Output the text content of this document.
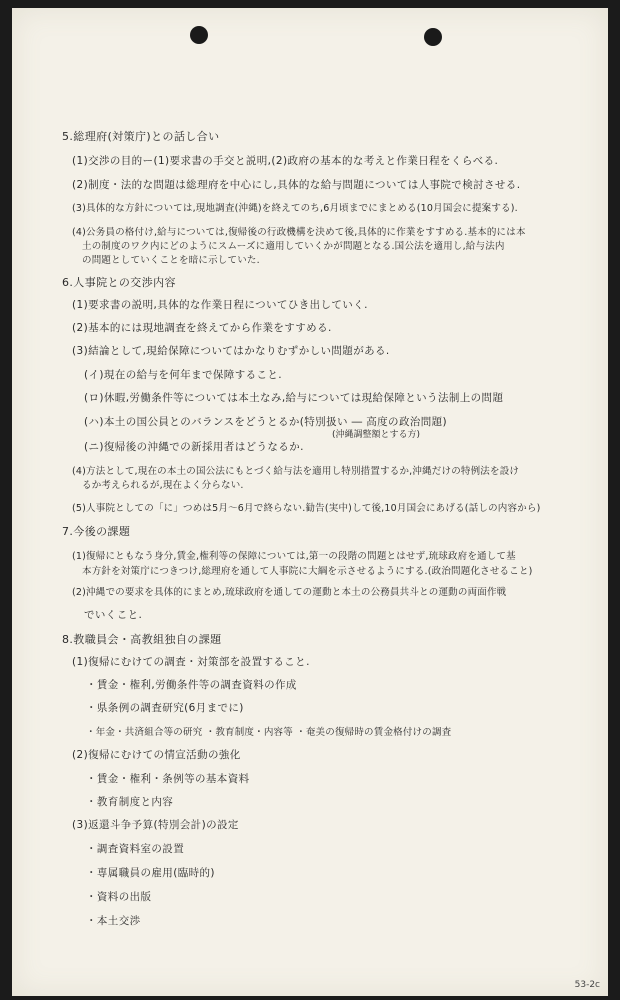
5.総理府(対策庁)との話し合い
(1)交渉の目的ー(1)要求書の手交と説明,(2)政府の基本的な考えと作業日程をくらべる.
(2)制度・法的な問題は総理府を中心にし,具体的な給与問題については人事院で検討させる.
(3)具体的な方針については,現地調査(沖縄)を終えてのち,6月頃までにまとめる(10月国会に提案する).
(4)公务員の格付け,給与については,復帰後の行政機構を決めて後,具体的に作業をすすめる.基本的には本
土の制度のワク内にどのようにスムーズに適用していくかが問題となる.国公法を適用し,給与法内
の問題としていくことを暗に示していた.
6.人事院との交渉内容
(1)要求書の説明,具体的な作業日程についてひき出していく.
(2)基本的には現地調査を終えてから作業をすすめる.
(3)結論として,現給保障についてはかなりむずかしい問題がある.
(イ)現在の給与を何年まで保障すること.
(ロ)休暇,労働条件等については本土なみ,給与については現給保障という法制上の問題
(ハ)本土の国公員とのバランスをどうとるか(特別扱い ― 高度の政治問題)
(沖縄調整額とする方)
(ニ)復帰後の沖縄での新採用者はどうなるか.
(4)方法として,現在の本土の国公法にもとづく給与法を適用し特別措置するか,沖縄だけの特例法を設け
るか考えられるが,現在よく分らない.
(5)人事院としての「に」つめは5月〜6月で終らない.勧告(実中)して後,10月国会にあげる(話しの内容から)
7.今後の課題
(1)復帰にともなう身分,賃金,権利等の保障については,第一の段階の問題とはせず,琉球政府を通して基
本方針を対策庁につきつけ,総理府を通して人事院に大綱を示させるようにする.(政治問題化させること)
(2)沖縄での要求を具体的にまとめ,琉球政府を通しての運動と本土の公務員共斗との運動の両面作戦
でいくこと.
8.教職員会・高教組独自の課題
(1)復帰にむけての調査・対策部を設置すること.
・賃金・権利,労働条件等の調査資料の作成
・県条例の調査研究(6月までに)
・年金・共済組合等の研究 ・教育制度・内容等 ・奄美の復帰時の賃金格付けの調査
(2)復帰にむけての情宣活動の強化
・賃金・権利・条例等の基本資料
・教育制度と内容
(3)返還斗争予算(特別会計)の設定
・調査資料室の設置
・専属職員の雇用(臨時的)
・資料の出版
・本土交渉
53-2c
